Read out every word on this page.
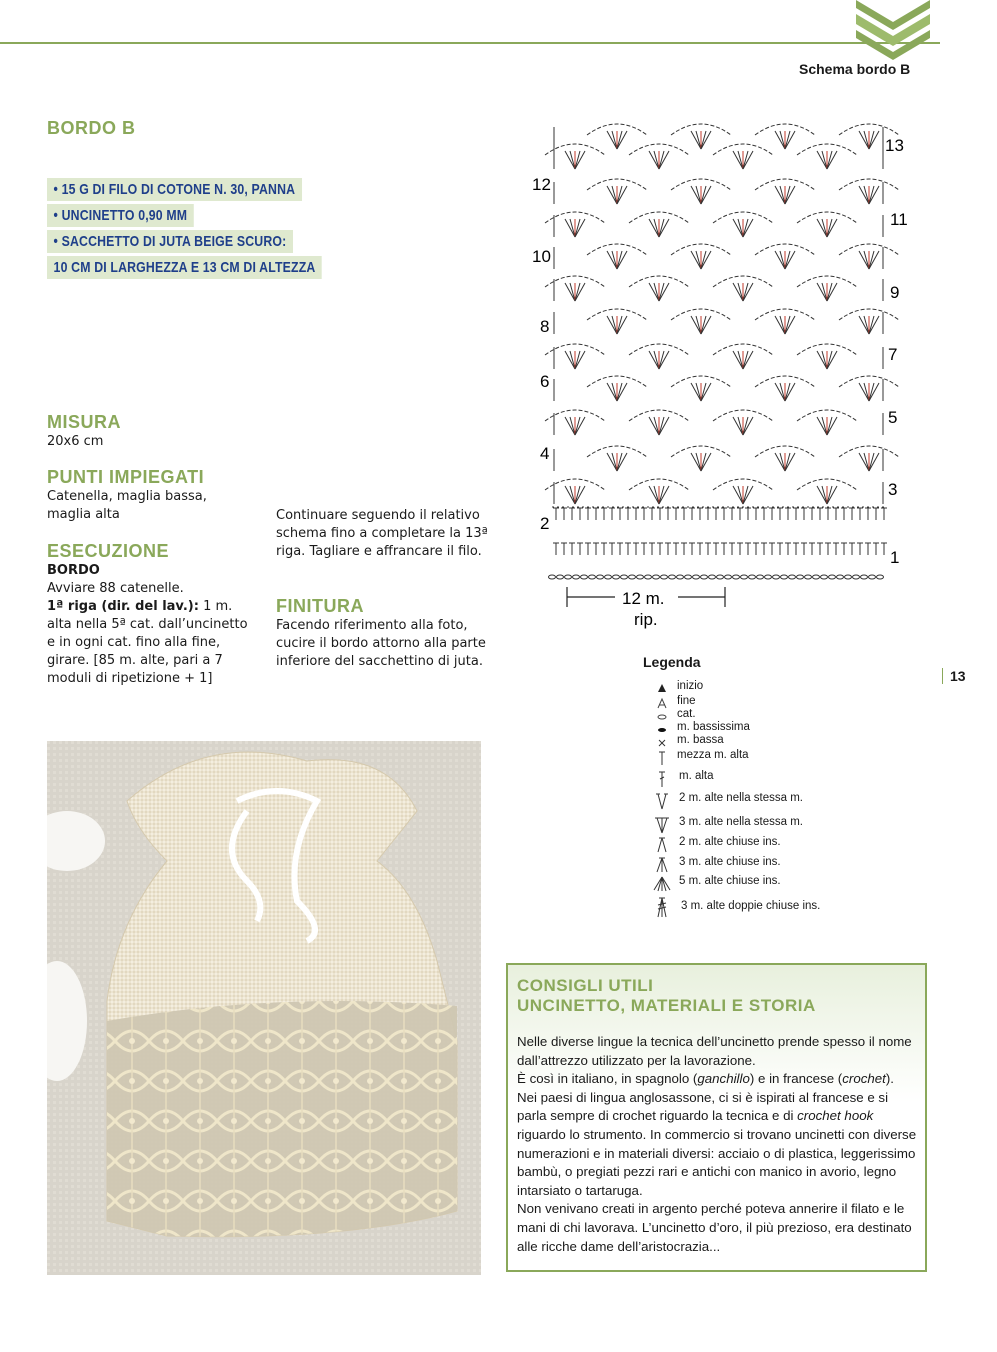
Schema bordo B
BORDO B
• 15 G DI FILO DI COTONE N. 30, PANNA
• UNCINETTO 0,90 MM
• SACCHETTO DI JUTA BEIGE SCURO:
10 CM DI LARGHEZZA E 13 CM DI ALTEZZA
MISURA
20x6 cm
PUNTI IMPIEGATI
Catenella, maglia bassa, maglia alta
ESECUZIONE
BORDO
Avviare 88 catenelle.
1ª riga (dir. del lav.): 1 m. alta nella 5ª cat. dall’uncinetto e in ogni cat. fino alla fine, girare. [85 m. alte, pari a 7 moduli di ripetizione + 1]
Continuare seguendo il relativo schema fino a completare la 13ª riga. Tagliare e affrancare il filo.
FINITURA
Facendo riferimento alla foto, cucire il bordo attorno alla parte inferiore del sacchettino di juta.
13
12
11
10
9
8
7
6
5
4
3
2
1
12 m.
rip.
13
Legenda
inizio
fine
cat.
m. bassissima
m. bassa
mezza m. alta
m. alta
2 m. alte nella stessa m.
3 m. alte nella stessa m.
2 m. alte chiuse ins.
3 m. alte chiuse ins.
5 m. alte chiuse ins.
3 m. alte doppie chiuse ins.
CONSIGLI UTILI
UNCINETTO, MATERIALI E STORIA
Nelle diverse lingue la tecnica dell’uncinetto prende spesso il nome dall’attrezzo utilizzato per la lavorazione.
È così in italiano, in spagnolo (ganchillo) e in francese (crochet).
Nei paesi di lingua anglosassone, ci si è ispirati al francese e si parla sempre di crochet riguardo la tecnica e di crochet hook riguardo lo strumento. In commercio si trovano uncinetti con diverse numerazioni e in materiali diversi: acciaio o di plastica, leggerissimo bambù, o pregiati pezzi rari e antichi con manico in avorio, legno intarsiato o tartaruga.
Non venivano creati in argento perché poteva annerire il filato e le mani di chi lavorava. L’uncinetto d’oro, il più prezioso, era destinato alle ricche dame dell’aristocrazia...
